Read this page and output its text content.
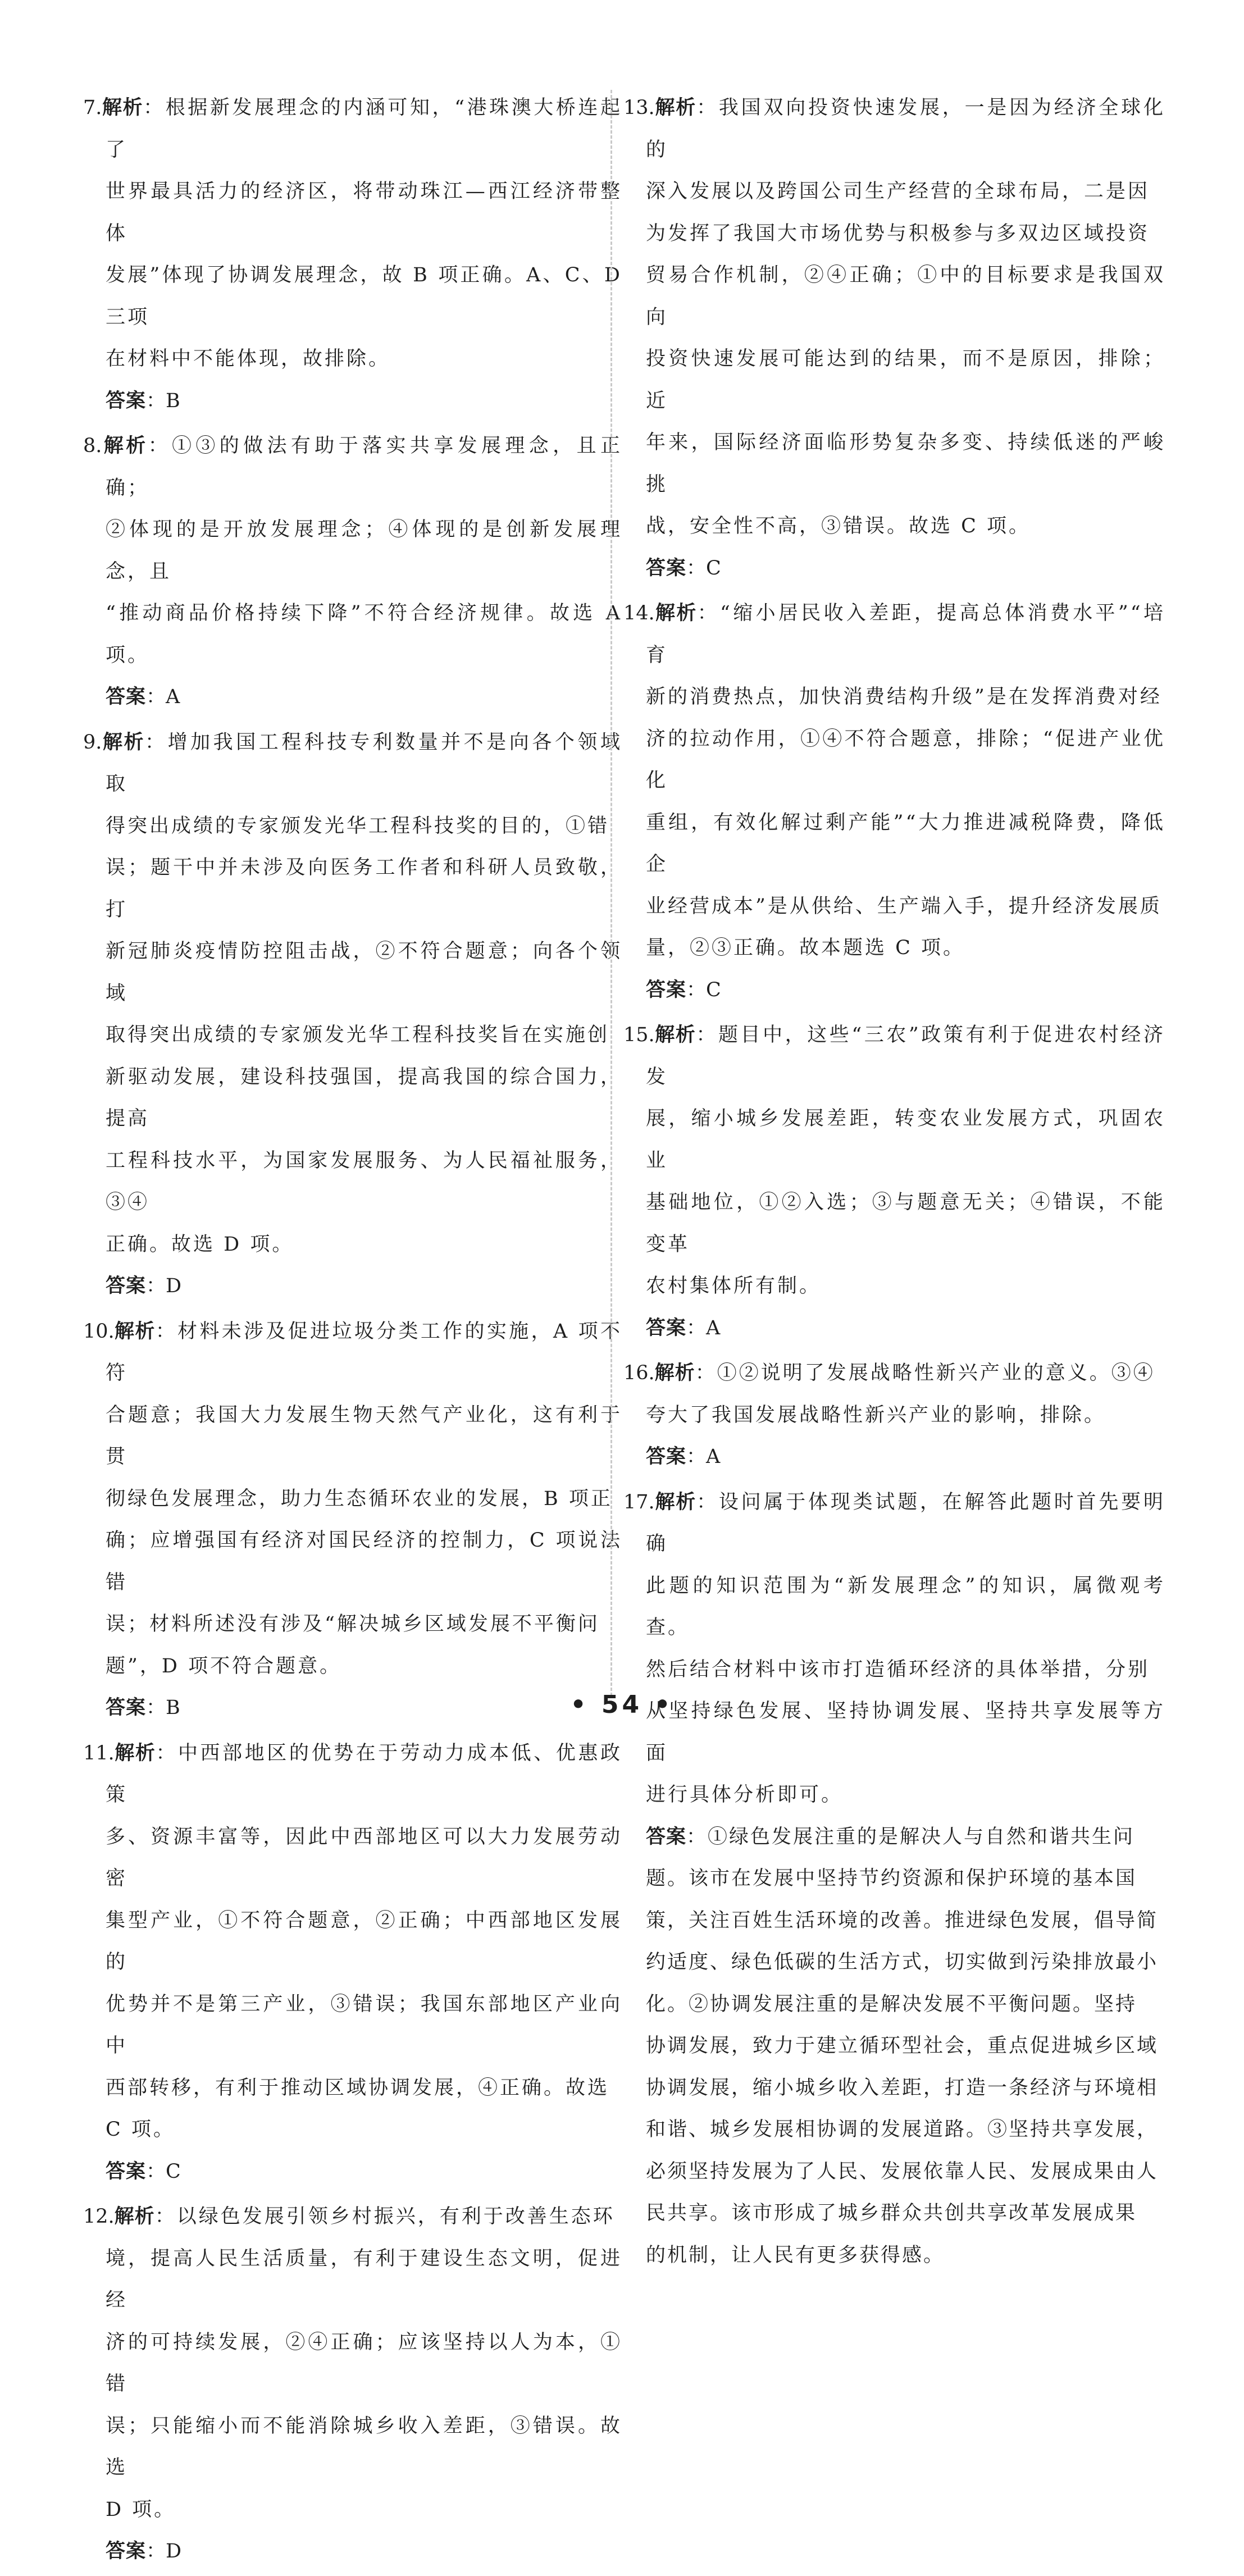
7.解析：根据新发展理念的内涵可知，“港珠澳大桥连起了

世界最具活力的经济区，将带动珠江—西江经济带整体

发展”体现了协调发展理念，故 B 项正确。A、C、D 三项

在材料中不能体现，故排除。

答案：B

8.解析：①③的做法有助于落实共享发展理念，且正确；

②体现的是开放发展理念；④体现的是创新发展理念，且

“推动商品价格持续下降”不符合经济规律。故选 A 项。

答案：A

9.解析：增加我国工程科技专利数量并不是向各个领域取

得突出成绩的专家颁发光华工程科技奖的目的，①错

误；题干中并未涉及向医务工作者和科研人员致敬，打

新冠肺炎疫情防控阻击战，②不符合题意；向各个领域

取得突出成绩的专家颁发光华工程科技奖旨在实施创

新驱动发展，建设科技强国，提高我国的综合国力，提高

工程科技水平，为国家发展服务、为人民福祉服务，③④

正确。故选 D 项。

答案：D

10.解析：材料未涉及促进垃圾分类工作的实施，A 项不符

合题意；我国大力发展生物天然气产业化，这有利于贯

彻绿色发展理念，助力生态循环农业的发展，B 项正

确；应增强国有经济对国民经济的控制力，C 项说法错

误；材料所述没有涉及“解决城乡区域发展不平衡问

题”，D 项不符合题意。

答案：B

11.解析：中西部地区的优势在于劳动力成本低、优惠政策

多、资源丰富等，因此中西部地区可以大力发展劳动密

集型产业，①不符合题意，②正确；中西部地区发展的

优势并不是第三产业，③错误；我国东部地区产业向中

西部转移，有利于推动区域协调发展，④正确。故选

C 项。

答案：C

12.解析：以绿色发展引领乡村振兴，有利于改善生态环

境，提高人民生活质量，有利于建设生态文明，促进经

济的可持续发展，②④正确；应该坚持以人为本，①错

误；只能缩小而不能消除城乡收入差距，③错误。故选

D 项。

答案：D

13.解析：我国双向投资快速发展，一是因为经济全球化的

深入发展以及跨国公司生产经营的全球布局，二是因

为发挥了我国大市场优势与积极参与多双边区域投资

贸易合作机制，②④正确；①中的目标要求是我国双向

投资快速发展可能达到的结果，而不是原因，排除；近

年来，国际经济面临形势复杂多变、持续低迷的严峻挑

战，安全性不高，③错误。故选 C 项。

答案：C

14.解析：“缩小居民收入差距，提高总体消费水平”“培育

新的消费热点，加快消费结构升级”是在发挥消费对经

济的拉动作用，①④不符合题意，排除；“促进产业优化

重组，有效化解过剩产能”“大力推进减税降费，降低企

业经营成本”是从供给、生产端入手，提升经济发展质

量，②③正确。故本题选 C 项。

答案：C

15.解析：题目中，这些“三农”政策有利于促进农村经济发

展，缩小城乡发展差距，转变农业发展方式，巩固农业

基础地位，①②入选；③与题意无关；④错误，不能变革

农村集体所有制。

答案：A

16.解析：①②说明了发展战略性新兴产业的意义。③④

夸大了我国发展战略性新兴产业的影响，排除。

答案：A

17.解析：设问属于体现类试题，在解答此题时首先要明确

此题的知识范围为“新发展理念”的知识，属微观考查。

然后结合材料中该市打造循环经济的具体举措，分别

从坚持绿色发展、坚持协调发展、坚持共享发展等方面

进行具体分析即可。

答案：①绿色发展注重的是解决人与自然和谐共生问

题。该市在发展中坚持节约资源和保护环境的基本国

策，关注百姓生活环境的改善。推进绿色发展，倡导简

约适度、绿色低碳的生活方式，切实做到污染排放最小

化。②协调发展注重的是解决发展不平衡问题。坚持

协调发展，致力于建立循环型社会，重点促进城乡区域

协调发展，缩小城乡收入差距，打造一条经济与环境相

和谐、城乡发展相协调的发展道路。③坚持共享发展，

必须坚持发展为了人民、发展依靠人民、发展成果由人

民共享。该市形成了城乡群众共创共享改革发展成果

的机制，让人民有更多获得感。

• 54 •
